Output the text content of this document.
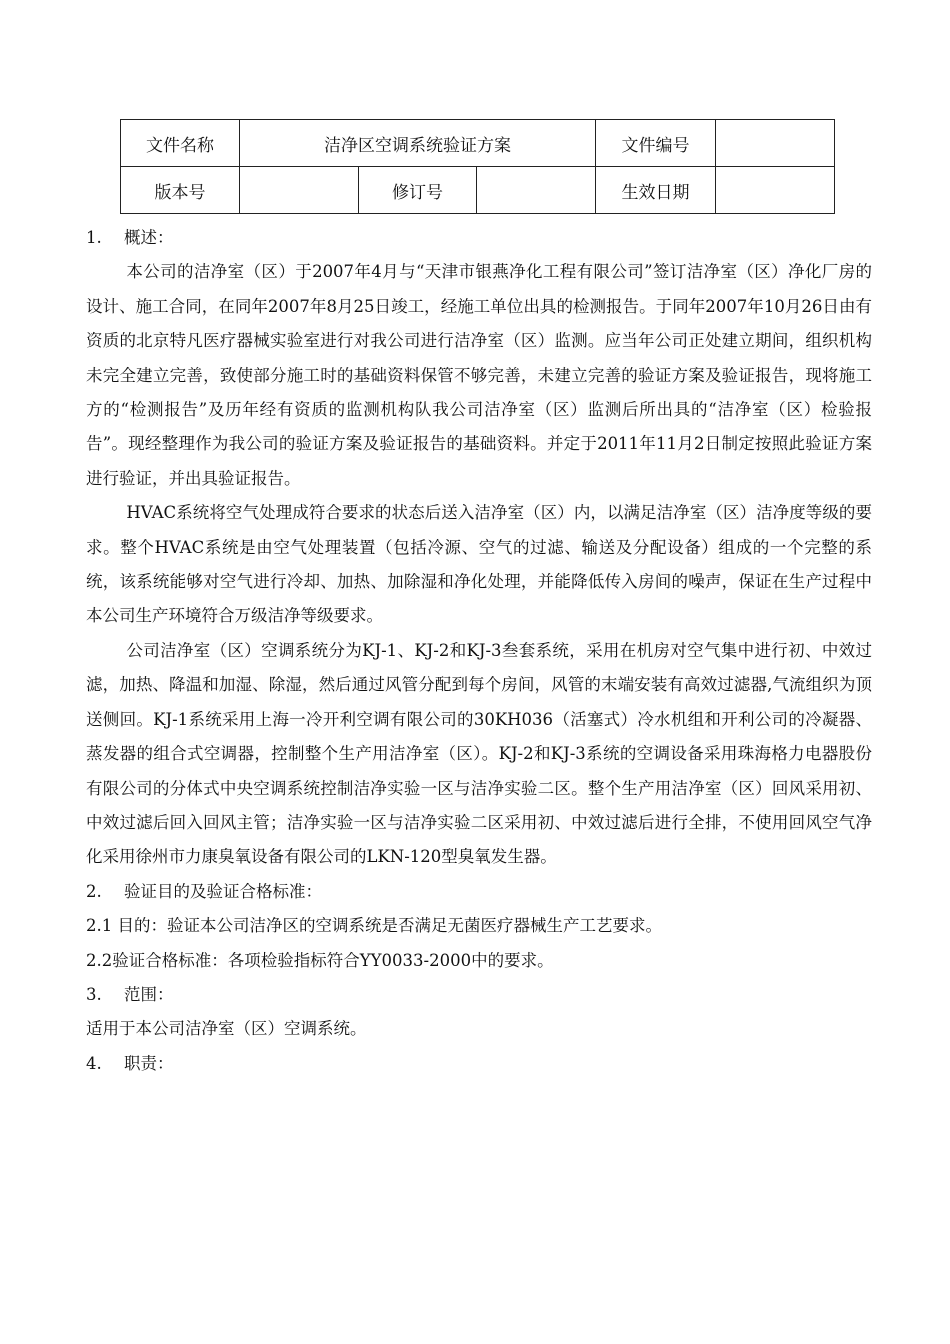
文件名称	洁净区空调系统验证方案			文件编号	
版本号		修订号		生效日期	

1. 概述：

本公司的洁净室（区）于2007年4月与“天津市银燕净化工程有限公司”签订洁净室（区）净化厂房的设计、施工合同，在同年2007年8月25日竣工，经施工单位出具的检测报告。于同年2007年10月26日由有资质的北京特凡医疗器械实验室进行对我公司进行洁净室（区）监测。应当年公司正处建立期间，组织机构未完全建立完善，致使部分施工时的基础资料保管不够完善，未建立完善的验证方案及验证报告，现将施工方的“检测报告”及历年经有资质的监测机构队我公司洁净室（区）监测后所出具的“洁净室（区）检验报告”。现经整理作为我公司的验证方案及验证报告的基础资料。并定于2011年11月2日制定按照此验证方案进行验证，并出具验证报告。

HVAC系统将空气处理成符合要求的状态后送入洁净室（区）内，以满足洁净室（区）洁净度等级的要求。整个HVAC系统是由空气处理装置（包括冷源、空气的过滤、输送及分配设备）组成的一个完整的系统，该系统能够对空气进行冷却、加热、加除湿和净化处理，并能降低传入房间的噪声，保证在生产过程中本公司生产环境符合万级洁净等级要求。

公司洁净室（区）空调系统分为KJ-1、KJ-2和KJ-3叁套系统，采用在机房对空气集中进行初、中效过滤，加热、降温和加湿、除湿，然后通过风管分配到每个房间，风管的末端安装有高效过滤器,气流组织为顶送侧回。KJ-1系统采用上海一冷开利空调有限公司的30KH036（活塞式）冷水机组和开利公司的冷凝器、蒸发器的组合式空调器，控制整个生产用洁净室（区）。KJ-2和KJ-3系统的空调设备采用珠海格力电器股份有限公司的分体式中央空调系统控制洁净实验一区与洁净实验二区。整个生产用洁净室（区）回风采用初、中效过滤后回入回风主管；洁净实验一区与洁净实验二区采用初、中效过滤后进行全排，不使用回风空气净化采用徐州市力康臭氧设备有限公司的LKN-120型臭氧发生器。

2. 验证目的及验证合格标准：

2.1 目的：验证本公司洁净区的空调系统是否满足无菌医疗器械生产工艺要求。

2.2验证合格标准：各项检验指标符合YY0033-2000中的要求。

3. 范围：

适用于本公司洁净室（区）空调系统。

4. 职责：
